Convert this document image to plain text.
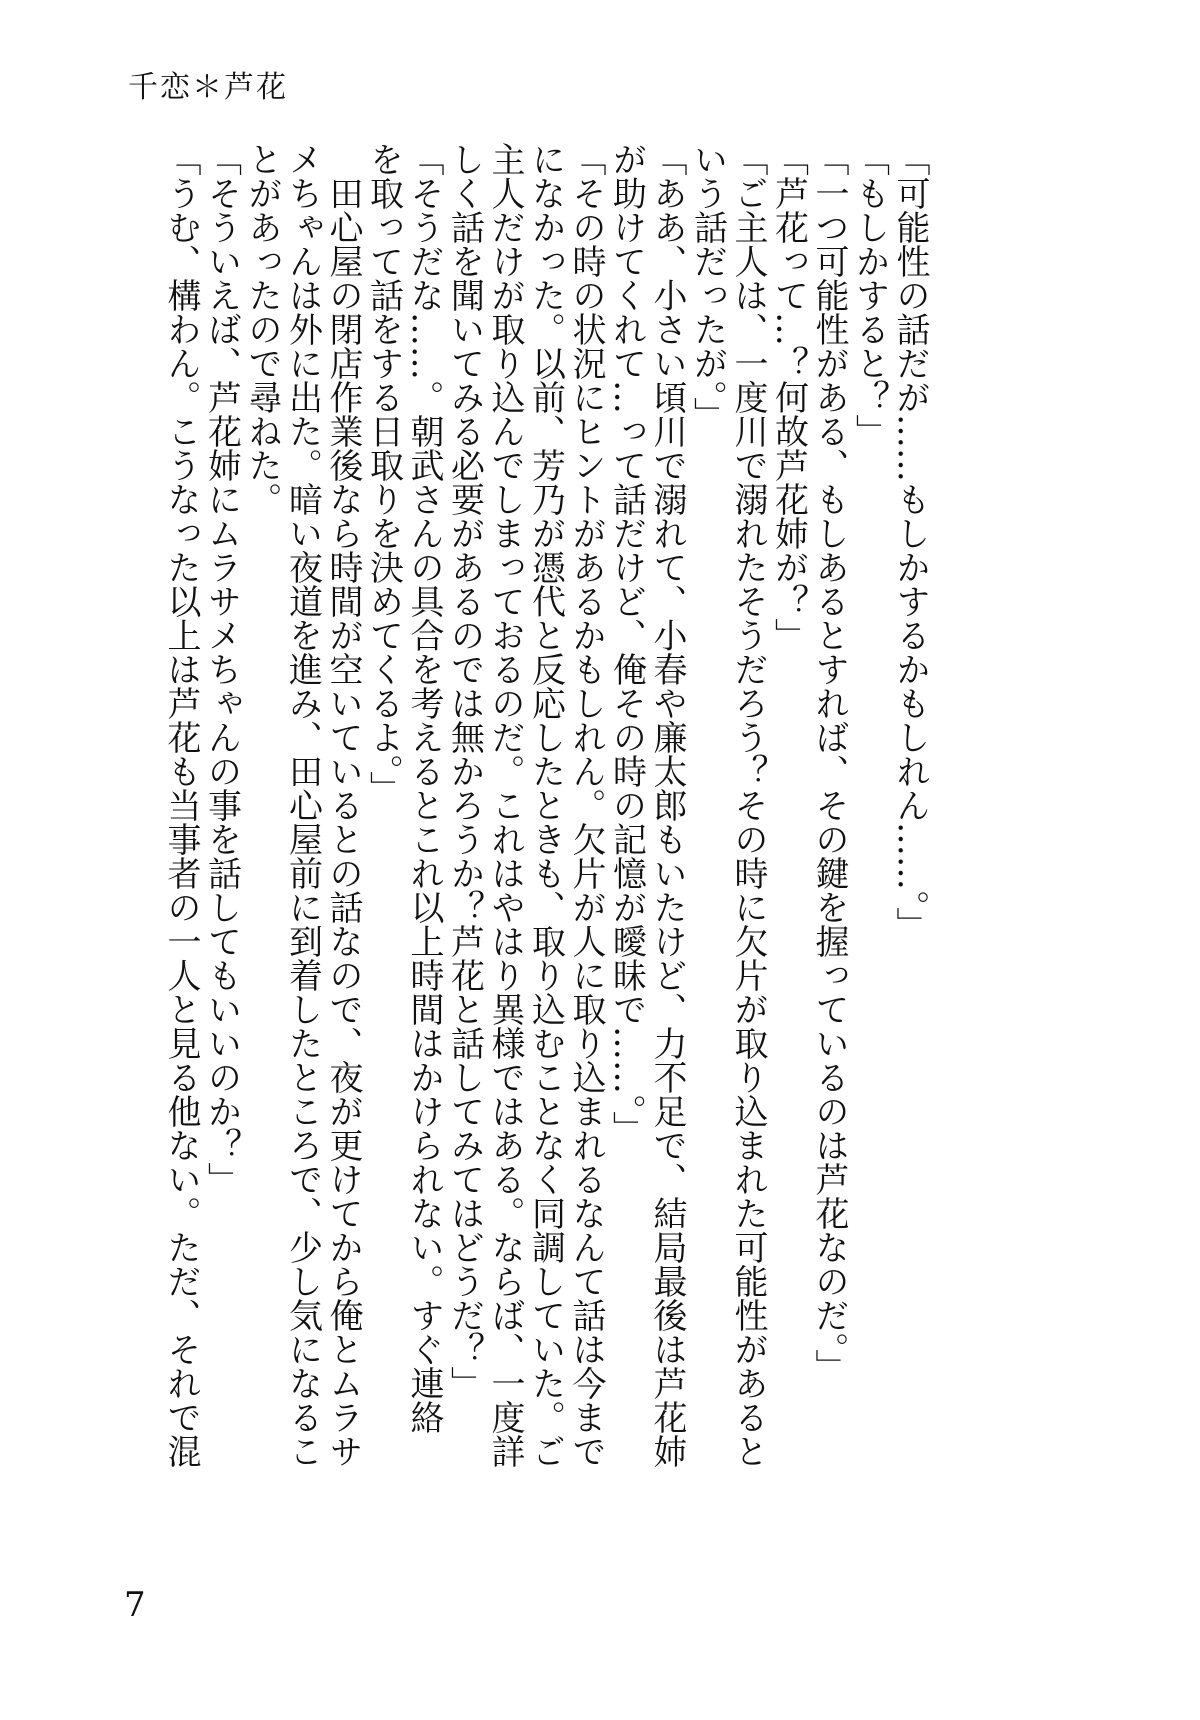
千恋＊芦花
「可能性の話だが……もしかするかもしれん……。」
「もしかすると？」
「一つ可能性がある、もしあるとすれば、その鍵を握っているのは芦花なのだ。」
「芦花って…？何故芦花姉が？」
「ご主人は、一度川で溺れたそうだろう？その時に欠片が取り込まれた可能性があると
いう話だったが。」
「ああ、小さい頃川で溺れて、小春や廉太郎もいたけど、力不足で、結局最後は芦花姉
が助けてくれて…って話だけど、俺その時の記憶が曖昧で……。」
「その時の状況にヒントがあるかもしれん。欠片が人に取り込まれるなんて話は今まで
になかった。以前、芳乃が憑代と反応したときも、取り込むことなく同調していた。ご
主人だけが取り込んでしまっておるのだ。これはやはり異様ではある。ならば、一度詳
しく話を聞いてみる必要があるのでは無かろうか？芦花と話してみてはどうだ？」
「そうだな……。朝武さんの具合を考えるとこれ以上時間はかけられない。すぐ連絡
を取って話をする日取りを決めてくるよ。」
　田心屋の閉店作業後なら時間が空いているとの話なので、夜が更けてから俺とムラサ
メちゃんは外に出た。暗い夜道を進み、田心屋前に到着したところで、少し気になるこ
とがあったので尋ねた。
「そういえば、芦花姉にムラサメちゃんの事を話してもいいのか？」
「うむ、構わん。こうなった以上は芦花も当事者の一人と見る他ない。ただ、それで混
7
